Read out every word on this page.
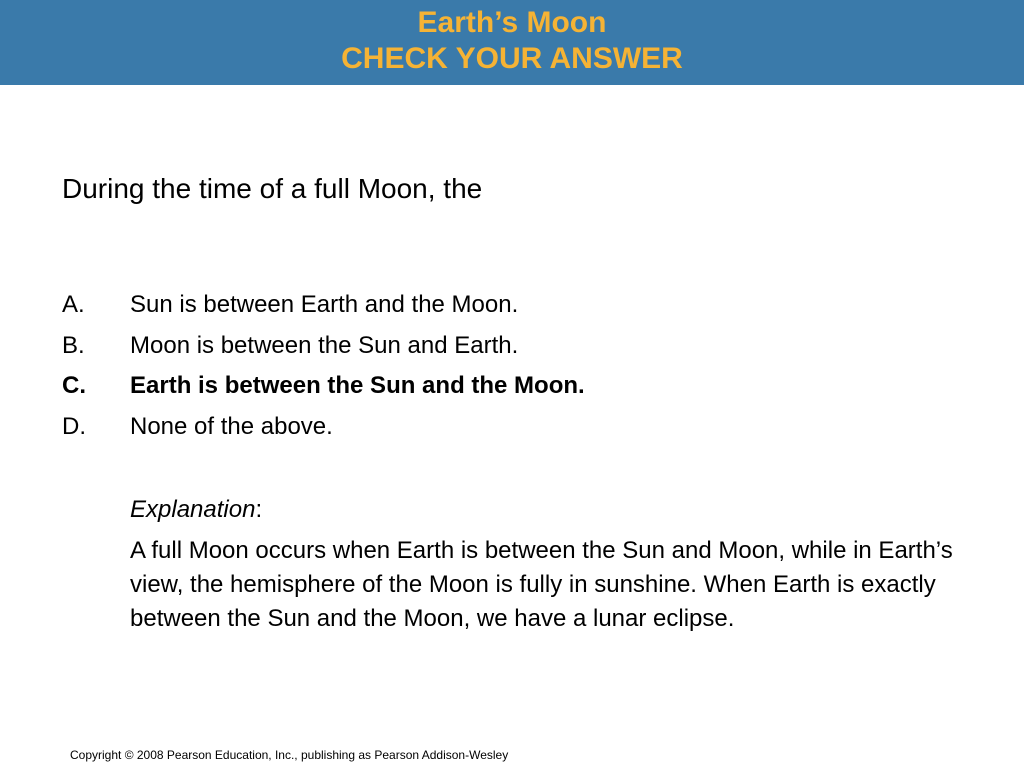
Earth’s Moon
CHECK YOUR ANSWER
During the time of a full Moon, the
A.	Sun is between Earth and the Moon.
B.	Moon is between the Sun and Earth.
C.	Earth is between the Sun and the Moon.
D.	None of the above.

Explanation:

A full Moon occurs when Earth is between the Sun and Moon, while in Earth’s view, the hemisphere of the Moon is fully in sunshine. When Earth is exactly between the Sun and the Moon, we have a lunar eclipse.

Copyright © 2008 Pearson Education, Inc., publishing as Pearson Addison-Wesley
